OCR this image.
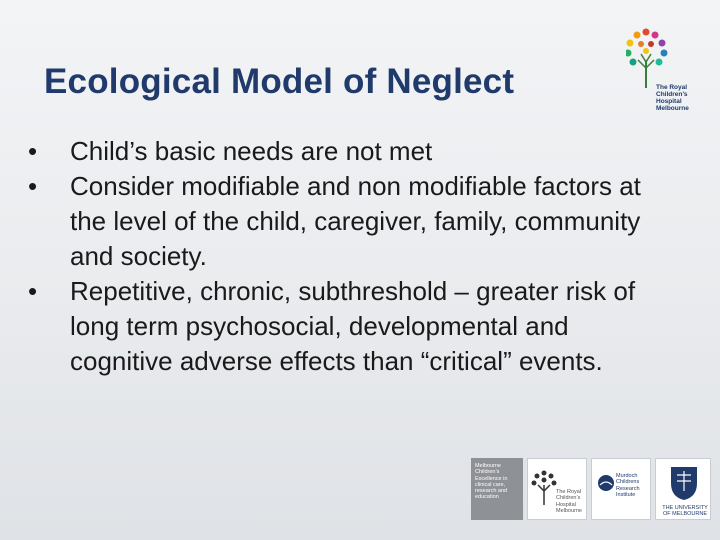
Ecological Model of Neglect	The Royal Children’s Hospital Melbourne
• Child’s basic needs are not met
• Consider modifiable and non modifiable factors at the level of the child, caregiver, family, community and society.
• Repetitive, chronic, subthreshold – greater risk of long term psychosocial, developmental and cognitive adverse effects than “critical” events.
Melbourne Children’s Excellence in clinical care, research and education
The Royal Children’s Hospital Melbourne
Murdoch Childrens Research Institute
THE UNIVERSITY OF MELBOURNE
